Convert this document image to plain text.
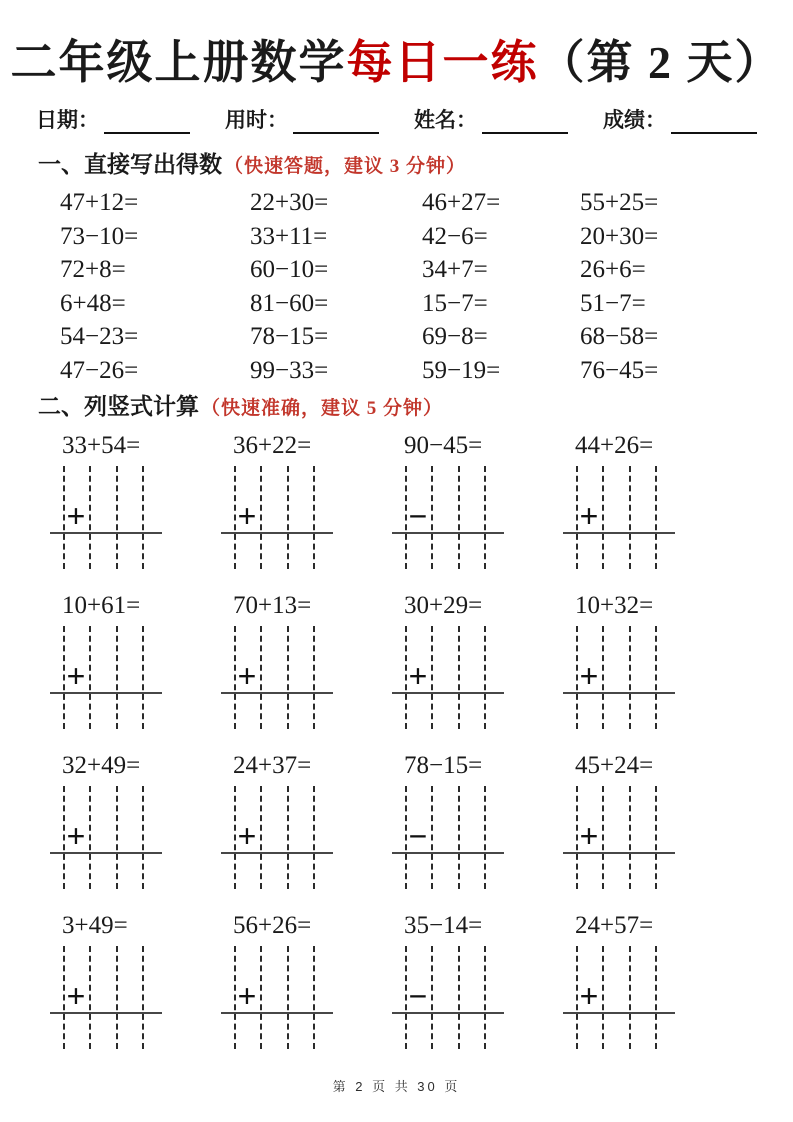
二年级上册数学每日一练（第 2 天）
日期：	用时：	姓名：	成绩：
一、直接写出得数 （快速答题，建议 3 分钟）
47+12=	22+30=	46+27=	55+25=
73−10=	33+11=	42−6=	20+30=
72+8=	60−10=	34+7=	26+6=
6+48=	81−60=	15−7=	51−7=
54−23=	78−15=	69−8=	68−58=
47−26=	99−33=	59−19=	76−45=
二、列竖式计算 （快速准确，建议 5 分钟）
33+54=
+
36+22=
+
90−45=
−
44+26=
+
10+61=
+
70+13=
+
30+29=
+
10+32=
+
32+49=
+
24+37=
+
78−15=
−
45+24=
+
3+49=
+
56+26=
+
35−14=
−
24+57=
+
第 2 页 共 30 页
